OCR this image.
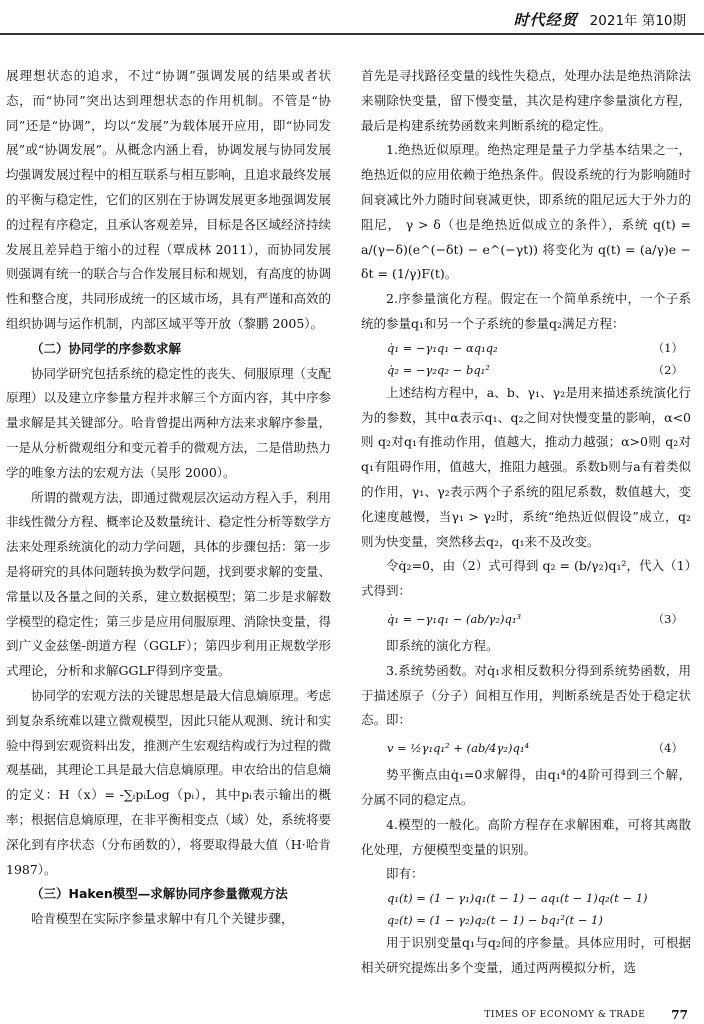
时代经贸 2021年 第10期

展理想状态的追求，不过“协调”强调发展的结果或者状态，而“协同”突出达到理想状态的作用机制。不管是“协同”还是“协调”，均以“发展”为载体展开应用，即“协同发展”或“协调发展”。从概念内涵上看，协调发展与协同发展均强调发展过程中的相互联系与相互影响，且追求最终发展的平衡与稳定性，它们的区别在于协调发展更多地强调发展的过程有序稳定，且承认客观差异，目标是各区域经济持续发展且差异趋于缩小的过程（覃成林 2011），而协同发展则强调有统一的联合与合作发展目标和规划，有高度的协调性和整合度，共同形成统一的区域市场，具有严谨和高效的组织协调与运作机制，内部区域平等开放（黎鹏 2005）。

（二）协同学的序参数求解

协同学研究包括系统的稳定性的丧失、伺服原理（支配原理）以及建立序参量方程并求解三个方面内容，其中序参量求解是其关键部分。哈肯曾提出两种方法来求解序参量，一是从分析微观组分和变元着手的微观方法，二是借助热力学的唯象方法的宏观方法（吴彤 2000）。

所谓的微观方法，即通过微观层次运动方程入手，利用非线性微分方程、概率论及数量统计、稳定性分析等数学方法来处理系统演化的动力学问题，具体的步骤包括：第一步是将研究的具体问题转换为数学问题，找到要求解的变量、常量以及各量之间的关系，建立数据模型；第二步是求解数学模型的稳定性；第三步是应用伺服原理、消除快变量，得到广义金兹堡-朗道方程（GGLF）；第四步利用正规数学形式理论，分析和求解GGLF得到序变量。

协同学的宏观方法的关键思想是最大信息熵原理。考虑到复杂系统难以建立微观模型，因此只能从观测、统计和实验中得到宏观资料出发，推测产生宏观结构或行为过程的微观基础，其理论工具是最大信息熵原理。申农给出的信息熵的定义：H（x）= -∑ᵢpᵢLog（pᵢ），其中pᵢ表示输出的概率；根据信息熵原理，在非平衡相变点（域）处，系统将要深化到有序状态（分布函数的），将要取得最大值（H·哈肯 1987）。

（三）Haken模型—求解协同序参量微观方法

哈肯模型在实际序参量求解中有几个关键步骤，

首先是寻找路径变量的线性失稳点，处理办法是绝热消除法来剔除快变量，留下慢变量，其次是构建序参量演化方程，最后是构建系统势函数来判断系统的稳定性。

1.绝热近似原理。绝热定理是量子力学基本结果之一，绝热近似的应用依赖于绝热条件。假设系统的行为影响随时间衰减比外力随时间衰减更快，即系统的阻尼远大于外力的阻尼， γ > δ（也是绝热近似成立的条件），系统 q(t) = a/(γ−δ)(e^(−δt) − e^(−γt)) 将变化为 q(t) = (a/γ)e − δt = (1/γ)F(t)。

2.序参量演化方程。假定在一个简单系统中，一个子系统的参量q₁和另一个子系统的参量q₂满足方程：

q̇₁ = −γ₁q₁ − αq₁q₂	（1）
q̇₂ = −γ₂q₂ − bq₁²	（2）

上述结构方程中，a、b、γ₁、γ₂是用来描述系统演化行为的参数，其中α表示q₁、q₂之间对快慢变量的影响，α<0则 q₂对q₁有推动作用，值越大，推动力越强；α>0则 q₂对q₁有阻碍作用，值越大，推阻力越强。系数b则与a有着类似的作用，γ₁、γ₂表示两个子系统的阻尼系数，数值越大，变化速度越慢，当γ₁ > γ₂时，系统“绝热近似假设”成立，q₂则为快变量，突然移去q₂，q₁来不及改变。

令q̇₂=0，由（2）式可得到 q₂ = (b/γ₂)q₁²，代入（1）式得到：

q̇₁ = −γ₁q₁ − (ab/γ₂)q₁³	（3）

即系统的演化方程。

3.系统势函数。对q̇₁求相反数积分得到系统势函数，用于描述原子（分子）间相互作用，判断系统是否处于稳定状态。即：

v = ½γ₁q₁² + (ab/4γ₂)q₁⁴	（4）

势平衡点由q̇₁=0求解得，由q₁⁴的4阶可得到三个解，分属不同的稳定点。

4.模型的一般化。高阶方程存在求解困难，可将其离散化处理，方便模型变量的识别。

即有：

q₁(t) = (1 − γ₁)q₁(t − 1) − aq₁(t − 1)q₂(t − 1)
q₂(t) = (1 − γ₂)q₂(t − 1) − bq₁²(t − 1)

用于识别变量q₁与q₂间的序参量。具体应用时，可根据相关研究提炼出多个变量，通过两两模拟分析，选

TIMES OF ECONOMY & TRADE 77
